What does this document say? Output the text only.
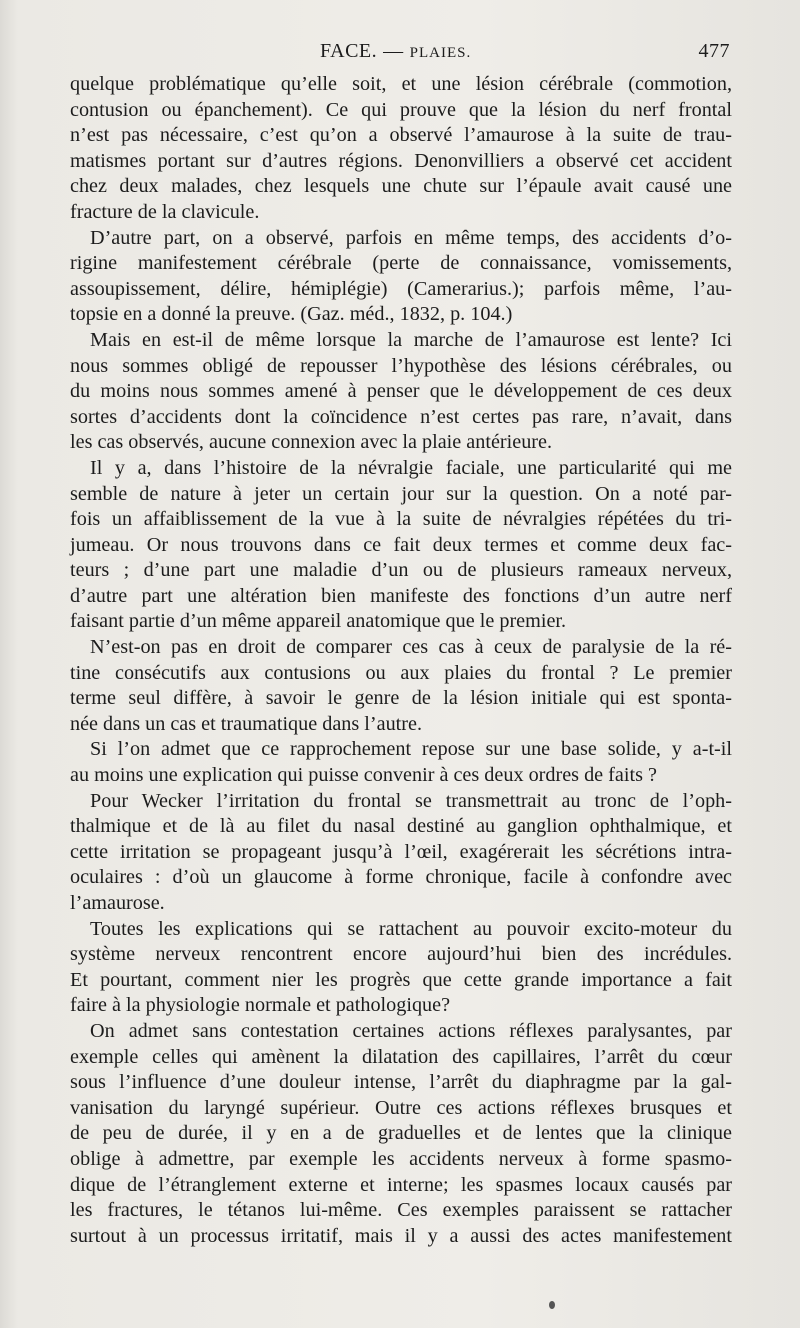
FACE. — PLAIES.	477

quelque problématique qu’elle soit, et une lésion cérébrale (commotion,
contusion ou épanchement). Ce qui prouve que la lésion du nerf frontal
n’est pas nécessaire, c’est qu’on a observé l’amaurose à la suite de trau-
matismes portant sur d’autres régions. Denonvilliers a observé cet accident
chez deux malades, chez lesquels une chute sur l’épaule avait causé une
fracture de la clavicule.

D’autre part, on a observé, parfois en même temps, des accidents d’o-
rigine manifestement cérébrale (perte de connaissance, vomissements,
assoupissement, délire, hémiplégie) (Camerarius.); parfois même, l’au-
topsie en a donné la preuve. (Gaz. méd., 1832, p. 104.)

Mais en est-il de même lorsque la marche de l’amaurose est lente? Ici
nous sommes obligé de repousser l’hypothèse des lésions cérébrales, ou
du moins nous sommes amené à penser que le développement de ces deux
sortes d’accidents dont la coïncidence n’est certes pas rare, n’avait, dans
les cas observés, aucune connexion avec la plaie antérieure.

Il y a, dans l’histoire de la névralgie faciale, une particularité qui me
semble de nature à jeter un certain jour sur la question. On a noté par-
fois un affaiblissement de la vue à la suite de névralgies répétées du tri-
jumeau. Or nous trouvons dans ce fait deux termes et comme deux fac-
teurs ; d’une part une maladie d’un ou de plusieurs rameaux nerveux,
d’autre part une altération bien manifeste des fonctions d’un autre nerf
faisant partie d’un même appareil anatomique que le premier.

N’est-on pas en droit de comparer ces cas à ceux de paralysie de la ré-
tine consécutifs aux contusions ou aux plaies du frontal ? Le premier
terme seul diffère, à savoir le genre de la lésion initiale qui est sponta-
née dans un cas et traumatique dans l’autre.

Si l’on admet que ce rapprochement repose sur une base solide, y a-t-il
au moins une explication qui puisse convenir à ces deux ordres de faits ?

Pour Wecker l’irritation du frontal se transmettrait au tronc de l’oph-
thalmique et de là au filet du nasal destiné au ganglion ophthalmique, et
cette irritation se propageant jusqu’à l’œil, exagérerait les sécrétions intra-
oculaires : d’où un glaucome à forme chronique, facile à confondre avec
l’amaurose.

Toutes les explications qui se rattachent au pouvoir excito-moteur du
système nerveux rencontrent encore aujourd’hui bien des incrédules.
Et pourtant, comment nier les progrès que cette grande importance a fait
faire à la physiologie normale et pathologique?

On admet sans contestation certaines actions réflexes paralysantes, par
exemple celles qui amènent la dilatation des capillaires, l’arrêt du cœur
sous l’influence d’une douleur intense, l’arrêt du diaphragme par la gal-
vanisation du laryngé supérieur. Outre ces actions réflexes brusques et
de peu de durée, il y en a de graduelles et de lentes que la clinique
oblige à admettre, par exemple les accidents nerveux à forme spasmo-
dique de l’étranglement externe et interne; les spasmes locaux causés par
les fractures, le tétanos lui-même. Ces exemples paraissent se rattacher
surtout à un processus irritatif, mais il y a aussi des actes manifestement
